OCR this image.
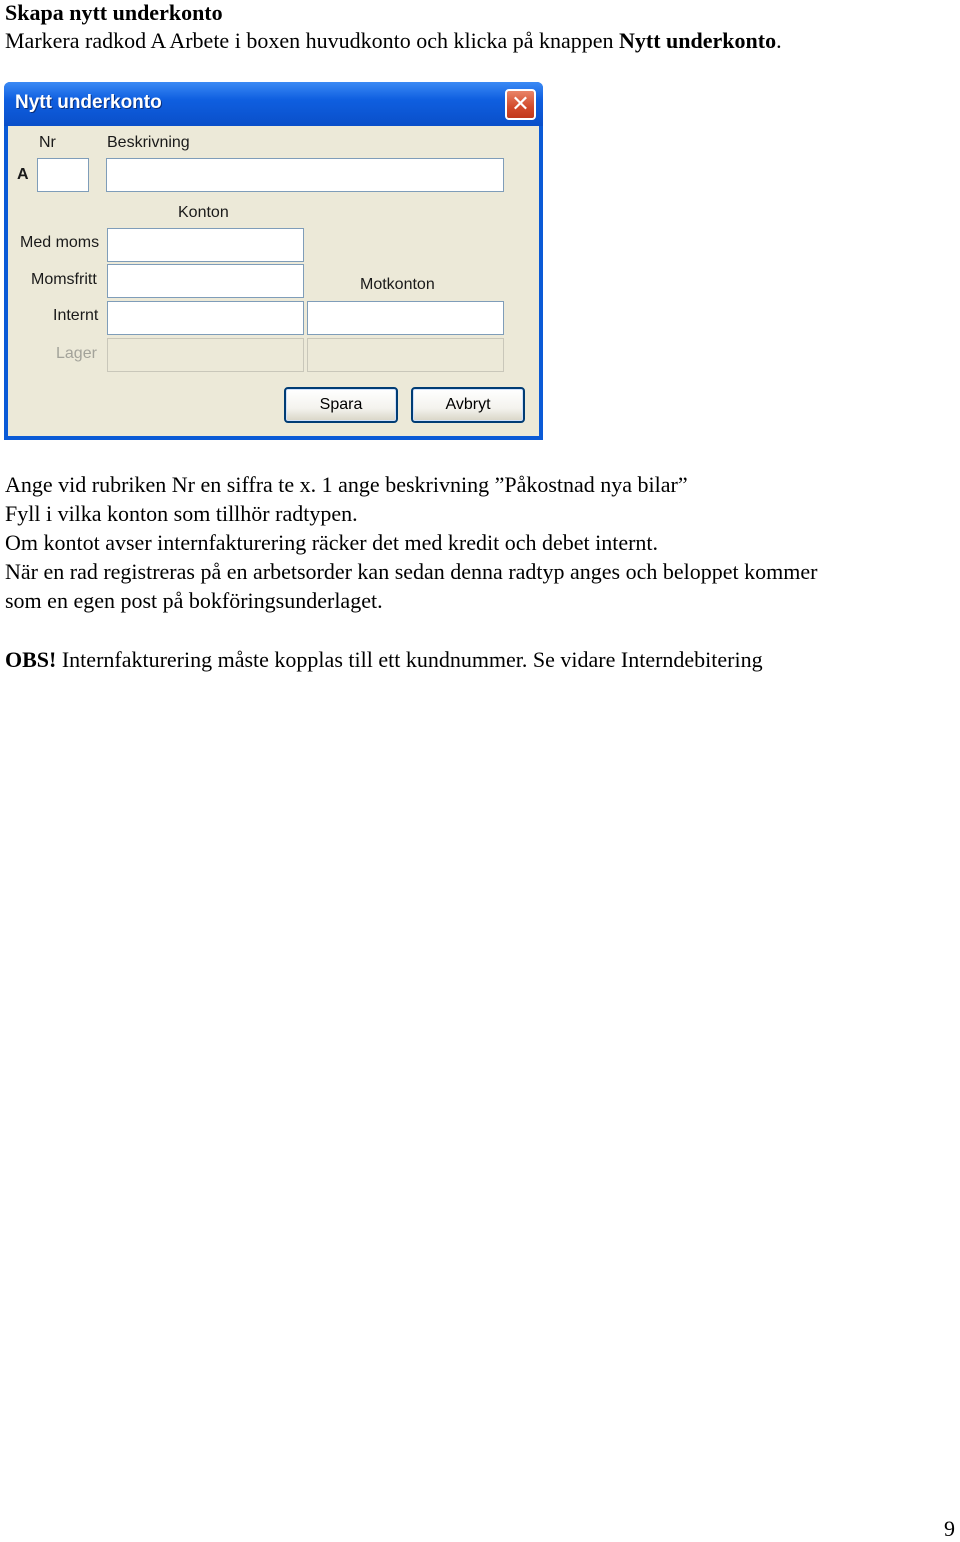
Skapa nytt underkonto
Markera radkod A Arbete i boxen huvudkonto och klicka på knappen Nytt underkonto.
Nytt underkonto	✕
Nr	Beskrivning
A
Konton
Med moms
Momsfritt	Motkonton
Internt
Lager
Spara	Avbryt
Ange vid rubriken Nr en siffra te x. 1 ange beskrivning ”Påkostnad nya bilar”
Fyll i vilka konton som tillhör radtypen.
Om kontot avser internfakturering räcker det med kredit och debet internt.
När en rad registreras på en arbetsorder kan sedan denna radtyp anges och beloppet kommer
som en egen post på bokföringsunderlaget.
OBS! Internfakturering måste kopplas till ett kundnummer. Se vidare Interndebitering
9
